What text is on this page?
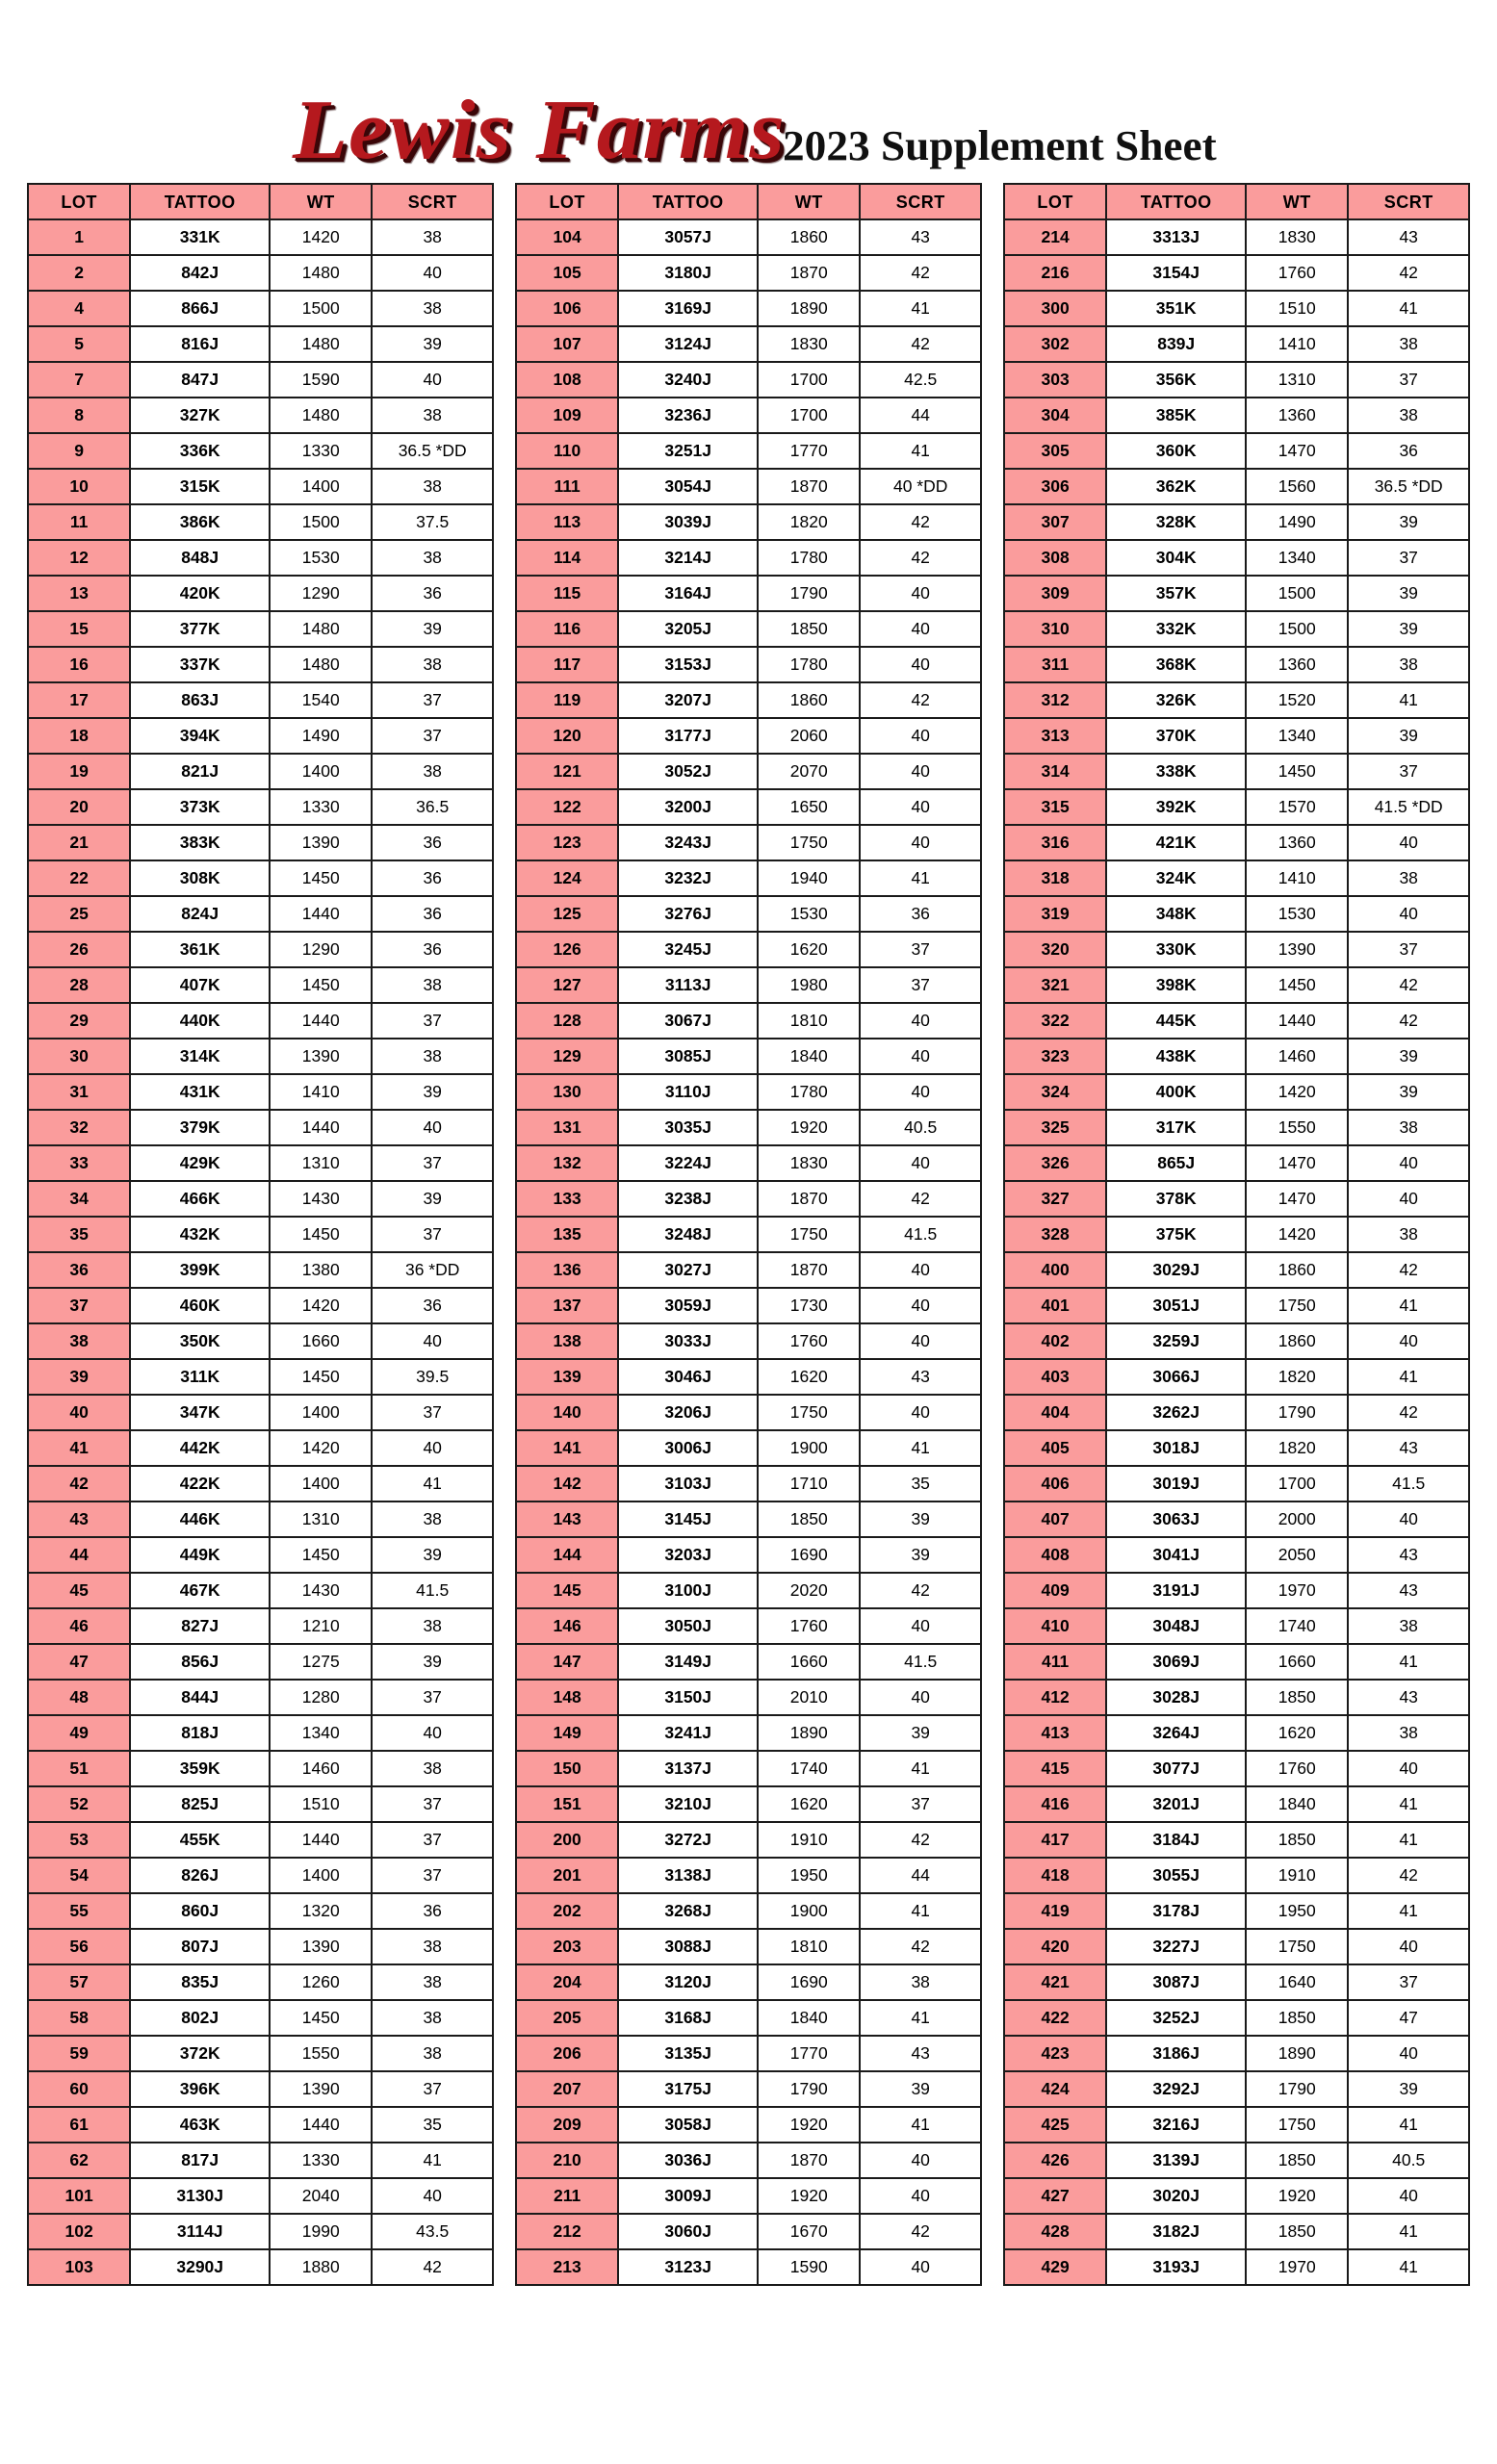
Lewis Farms
2023 Supplement Sheet
LOT	TATTOO	WT	SCRT
1	331K	1420	38
2	842J	1480	40
4	866J	1500	38
5	816J	1480	39
7	847J	1590	40
8	327K	1480	38
9	336K	1330	36.5 *DD
10	315K	1400	38
11	386K	1500	37.5
12	848J	1530	38
13	420K	1290	36
15	377K	1480	39
16	337K	1480	38
17	863J	1540	37
18	394K	1490	37
19	821J	1400	38
20	373K	1330	36.5
21	383K	1390	36
22	308K	1450	36
25	824J	1440	36
26	361K	1290	36
28	407K	1450	38
29	440K	1440	37
30	314K	1390	38
31	431K	1410	39
32	379K	1440	40
33	429K	1310	37
34	466K	1430	39
35	432K	1450	37
36	399K	1380	36 *DD
37	460K	1420	36
38	350K	1660	40
39	311K	1450	39.5
40	347K	1400	37
41	442K	1420	40
42	422K	1400	41
43	446K	1310	38
44	449K	1450	39
45	467K	1430	41.5
46	827J	1210	38
47	856J	1275	39
48	844J	1280	37
49	818J	1340	40
51	359K	1460	38
52	825J	1510	37
53	455K	1440	37
54	826J	1400	37
55	860J	1320	36
56	807J	1390	38
57	835J	1260	38
58	802J	1450	38
59	372K	1550	38
60	396K	1390	37
61	463K	1440	35
62	817J	1330	41
101	3130J	2040	40
102	3114J	1990	43.5
103	3290J	1880	42
LOT	TATTOO	WT	SCRT
104	3057J	1860	43
105	3180J	1870	42
106	3169J	1890	41
107	3124J	1830	42
108	3240J	1700	42.5
109	3236J	1700	44
110	3251J	1770	41
111	3054J	1870	40 *DD
113	3039J	1820	42
114	3214J	1780	42
115	3164J	1790	40
116	3205J	1850	40
117	3153J	1780	40
119	3207J	1860	42
120	3177J	2060	40
121	3052J	2070	40
122	3200J	1650	40
123	3243J	1750	40
124	3232J	1940	41
125	3276J	1530	36
126	3245J	1620	37
127	3113J	1980	37
128	3067J	1810	40
129	3085J	1840	40
130	3110J	1780	40
131	3035J	1920	40.5
132	3224J	1830	40
133	3238J	1870	42
135	3248J	1750	41.5
136	3027J	1870	40
137	3059J	1730	40
138	3033J	1760	40
139	3046J	1620	43
140	3206J	1750	40
141	3006J	1900	41
142	3103J	1710	35
143	3145J	1850	39
144	3203J	1690	39
145	3100J	2020	42
146	3050J	1760	40
147	3149J	1660	41.5
148	3150J	2010	40
149	3241J	1890	39
150	3137J	1740	41
151	3210J	1620	37
200	3272J	1910	42
201	3138J	1950	44
202	3268J	1900	41
203	3088J	1810	42
204	3120J	1690	38
205	3168J	1840	41
206	3135J	1770	43
207	3175J	1790	39
209	3058J	1920	41
210	3036J	1870	40
211	3009J	1920	40
212	3060J	1670	42
213	3123J	1590	40
LOT	TATTOO	WT	SCRT
214	3313J	1830	43
216	3154J	1760	42
300	351K	1510	41
302	839J	1410	38
303	356K	1310	37
304	385K	1360	38
305	360K	1470	36
306	362K	1560	36.5 *DD
307	328K	1490	39
308	304K	1340	37
309	357K	1500	39
310	332K	1500	39
311	368K	1360	38
312	326K	1520	41
313	370K	1340	39
314	338K	1450	37
315	392K	1570	41.5 *DD
316	421K	1360	40
318	324K	1410	38
319	348K	1530	40
320	330K	1390	37
321	398K	1450	42
322	445K	1440	42
323	438K	1460	39
324	400K	1420	39
325	317K	1550	38
326	865J	1470	40
327	378K	1470	40
328	375K	1420	38
400	3029J	1860	42
401	3051J	1750	41
402	3259J	1860	40
403	3066J	1820	41
404	3262J	1790	42
405	3018J	1820	43
406	3019J	1700	41.5
407	3063J	2000	40
408	3041J	2050	43
409	3191J	1970	43
410	3048J	1740	38
411	3069J	1660	41
412	3028J	1850	43
413	3264J	1620	38
415	3077J	1760	40
416	3201J	1840	41
417	3184J	1850	41
418	3055J	1910	42
419	3178J	1950	41
420	3227J	1750	40
421	3087J	1640	37
422	3252J	1850	47
423	3186J	1890	40
424	3292J	1790	39
425	3216J	1750	41
426	3139J	1850	40.5
427	3020J	1920	40
428	3182J	1850	41
429	3193J	1970	41
